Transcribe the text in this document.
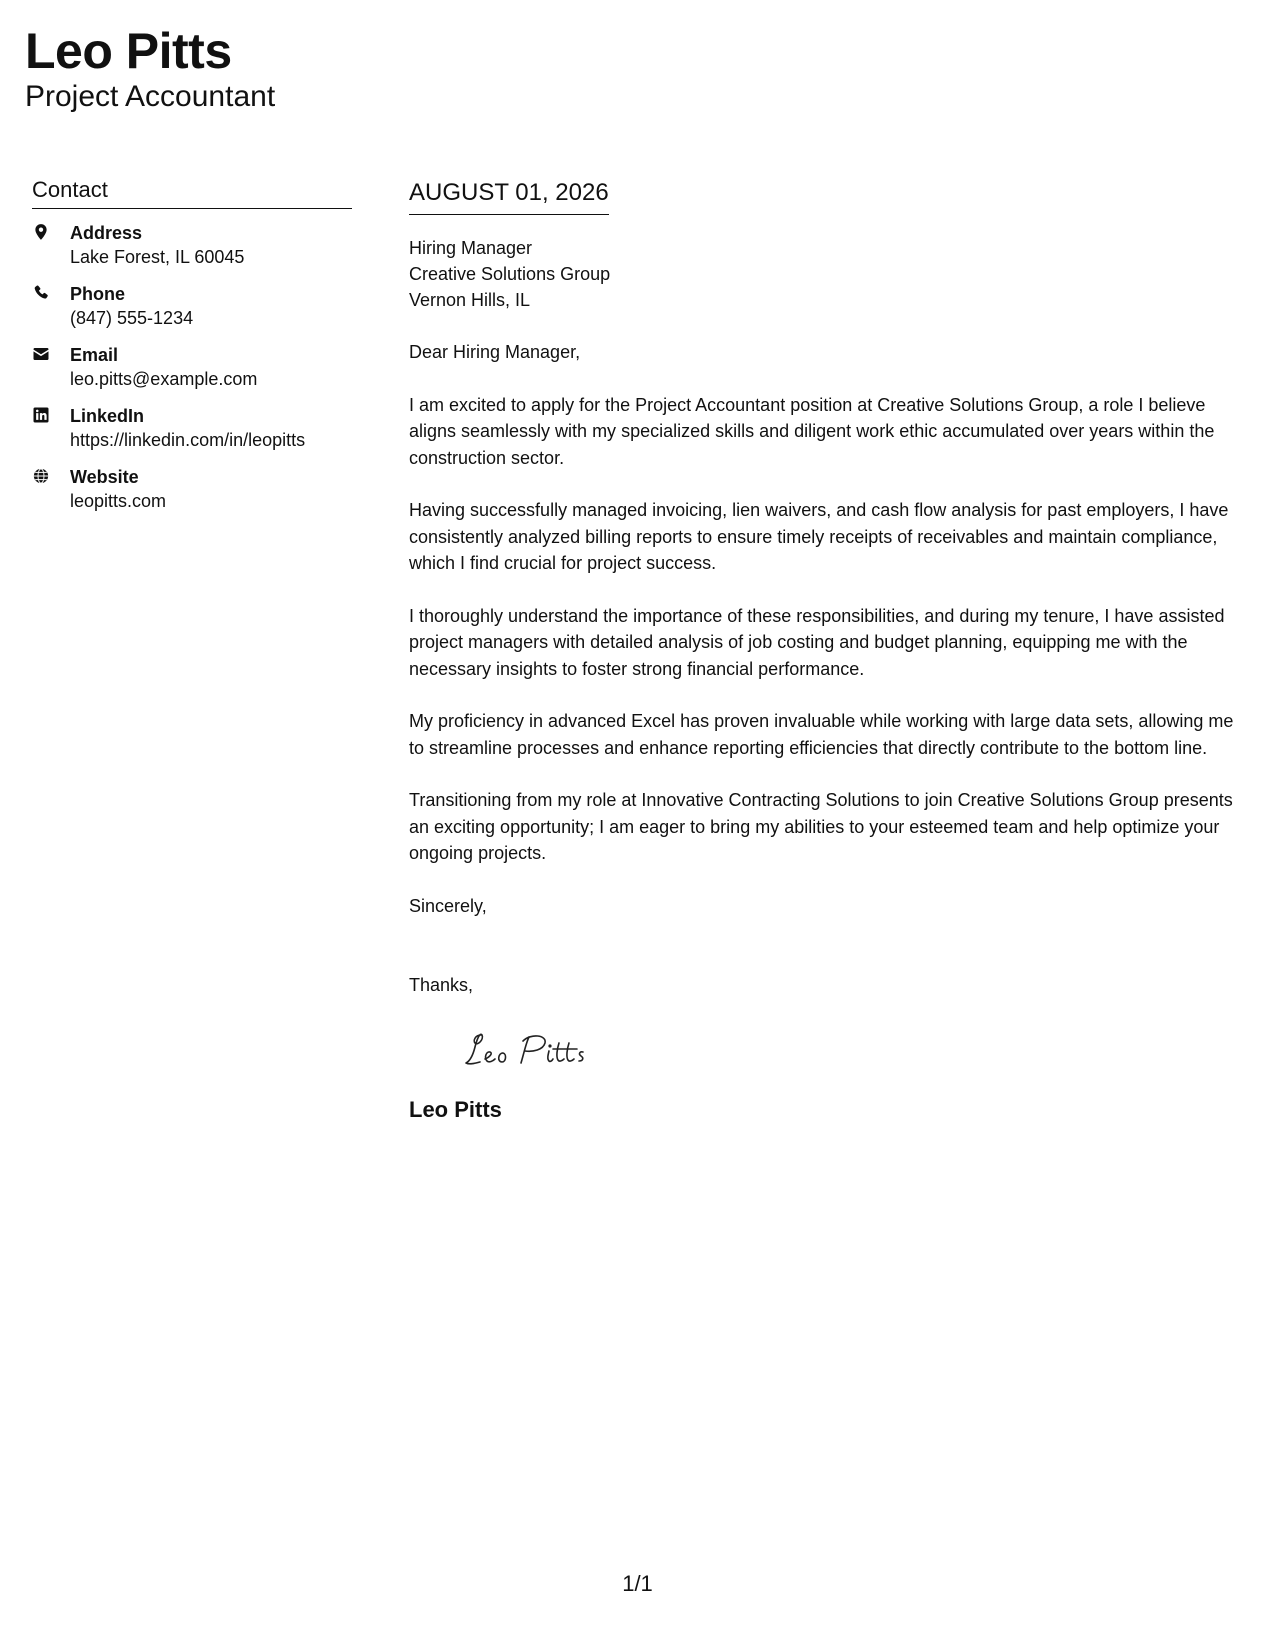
Leo Pitts
Project Accountant
Contact
Address
Lake Forest, IL 60045
Phone
(847) 555-1234
Email
leo.pitts@example.com
LinkedIn
https://linkedin.com/in/leopitts
Website
leopitts.com
AUGUST 01, 2026
Hiring Manager
Creative Solutions Group
Vernon Hills, IL

Dear Hiring Manager,

I am excited to apply for the Project Accountant position at Creative Solutions Group, a role I believe aligns seamlessly with my specialized skills and diligent work ethic accumulated over years within the construction sector.

Having successfully managed invoicing, lien waivers, and cash flow analysis for past employers, I have consistently analyzed billing reports to ensure timely receipts of receivables and maintain compliance, which I find crucial for project success.

I thoroughly understand the importance of these responsibilities, and during my tenure, I have assisted project managers with detailed analysis of job costing and budget planning, equipping me with the necessary insights to foster strong financial performance.

My proficiency in advanced Excel has proven invaluable while working with large data sets, allowing me to streamline processes and enhance reporting efficiencies that directly contribute to the bottom line.

Transitioning from my role at Innovative Contracting Solutions to join Creative Solutions Group presents an exciting opportunity; I am eager to bring my abilities to your esteemed team and help optimize your ongoing projects.

Sincerely,

Thanks,

Leo Pitts
1/1
